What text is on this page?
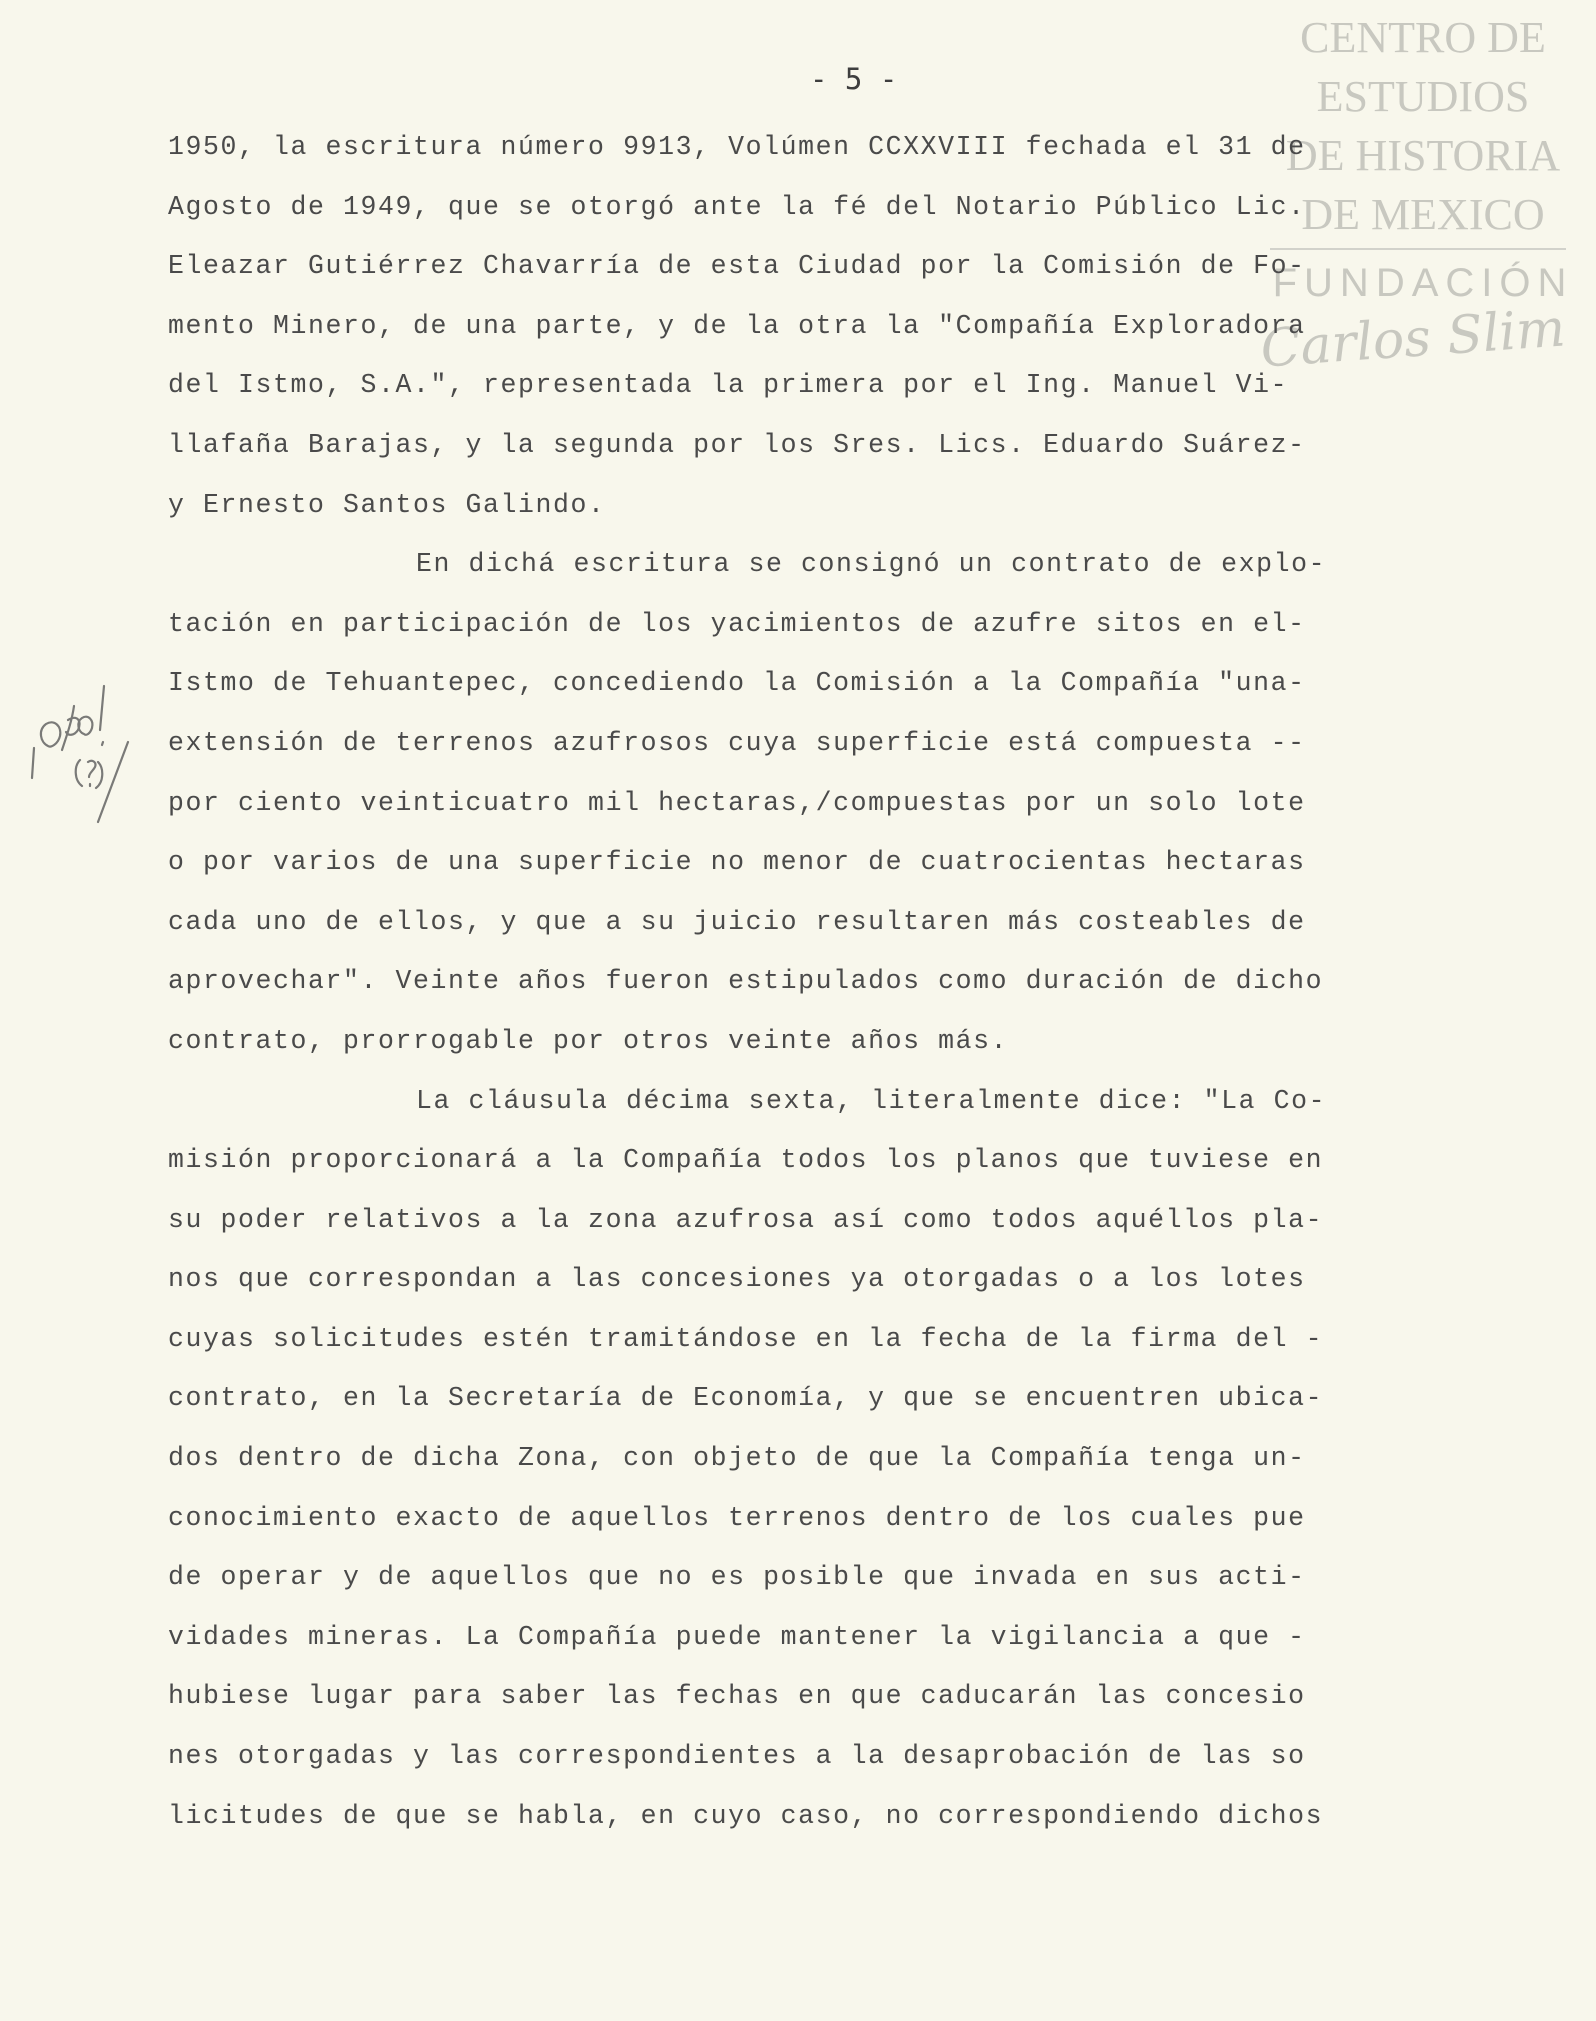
- 5 -
CENTRO DE
ESTUDIOS
DE HISTORIA
DE MEXICO
FUNDACIÓN
Carlos Slim
1950, la escritura número 9913, Volúmen CCXXVIII fechada el 31 de
Agosto de 1949, que se otorgó ante la fé del Notario Público Lic.
Eleazar Gutiérrez Chavarría de esta Ciudad por la Comisión de Fo-
mento Minero, de una parte, y de la otra la "Compañía Exploradora
del Istmo, S.A.", representada la primera por el Ing. Manuel Vi-
llafaña Barajas, y la segunda por los Sres. Lics. Eduardo Suárez-
y Ernesto Santos Galindo.
En dichá escritura se consignó un contrato de explo-
tación en participación de los yacimientos de azufre sitos en el-
Istmo de Tehuantepec, concediendo la Comisión a la Compañía "una-
extensión de terrenos azufrosos cuya superficie está compuesta --
por ciento veinticuatro mil hectaras,/compuestas por un solo lote
o por varios de una superficie no menor de cuatrocientas hectaras
cada uno de ellos, y que a su juicio resultaren más costeables de
aprovechar". Veinte años fueron estipulados como duración de dicho
contrato, prorrogable por otros veinte años más.
La cláusula décima sexta, literalmente dice: "La Co-
misión proporcionará a la Compañía todos los planos que tuviese en
su poder relativos a la zona azufrosa así como todos aquéllos pla-
nos que correspondan a las concesiones ya otorgadas o a los lotes
cuyas solicitudes estén tramitándose en la fecha de la firma del -
contrato, en la Secretaría de Economía, y que se encuentren ubica-
dos dentro de dicha Zona, con objeto de que la Compañía tenga un-
conocimiento exacto de aquellos terrenos dentro de los cuales pue
de operar y de aquellos que no es posible que invada en sus acti-
vidades mineras. La Compañía puede mantener la vigilancia a que -
hubiese lugar para saber las fechas en que caducarán las concesio
nes otorgadas y las correspondientes a la desaprobación de las so
licitudes de que se habla, en cuyo caso, no correspondiendo dichos
